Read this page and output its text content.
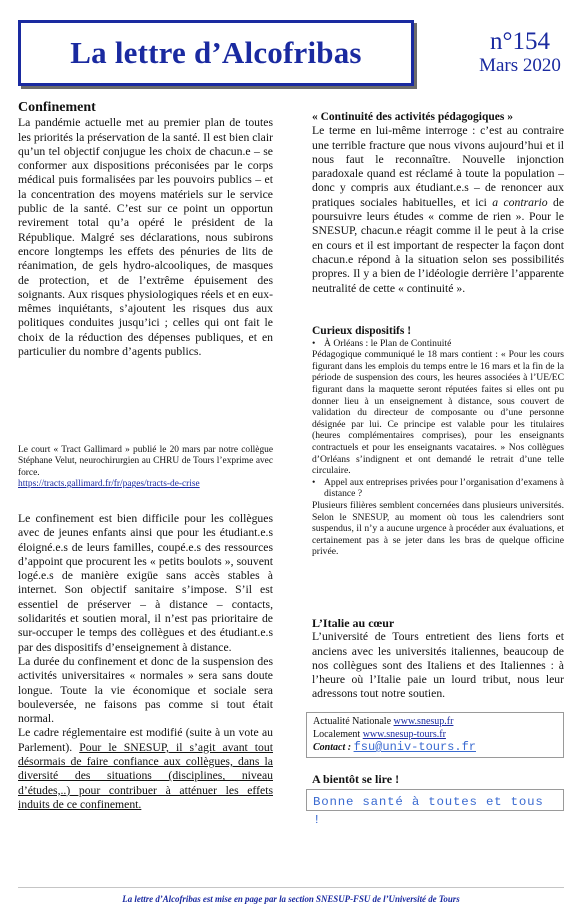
La lettre d’Alcofribas	n°154
Mars 2020
Confinement

La pandémie actuelle met au premier plan de toutes les priorités la préservation de la santé. Il est bien clair qu’un tel objectif conjugue les choix de chacun.e – se conformer aux dispositions préconisées par le corps médical puis formalisées par les pouvoirs publics – et la concentration des moyens matériels sur le service public de la santé. C’est sur ce point un opportun revirement total qu’a opéré le président de la République. Malgré ses déclarations, nous subirons encore longtemps les effets des pénuries de lits de réanimation, de gels hydro-alcooliques, de masques de protection, et de l’extrême épuisement des soignants. Aux risques physiologiques réels et en eux-mêmes inquiétants, s’ajoutent les risques dus aux politiques conduites jusqu’ici ; celles qui ont fait le choix de la réduction des dépenses publiques, et en particulier du nombre d’agents publics.

Le court « Tract Gallimard » publié le 20 mars par notre collègue Stéphane Velut, neurochirurgien au CHRU de Tours l’exprime avec force.

https://tracts.gallimard.fr/fr/pages/tracts-de-crise

Le confinement est bien difficile pour les collègues avec de jeunes enfants ainsi que pour les étudiant.e.s éloigné.e.s de leurs familles, coupé.e.s des ressources d’appoint que procurent les « petits boulots », souvent logé.e.s de manière exigüe sans accès stables à internet. Son objectif sanitaire s’impose. S’il est essentiel de préserver – à distance – contacts, solidarités et soutien moral, il n’est pas prioritaire de sur-occuper le temps des collègues et des étudiant.e.s par des dispositifs d’enseignement à distance.

La durée du confinement et donc de la suspension des activités universitaires « normales » sera sans doute longue. Toute la vie économique et sociale sera bouleversée, ne faisons pas comme si tout était normal.

Le cadre réglementaire est modifié (suite à un vote au Parlement). Pour le SNESUP, il s’agit avant tout désormais de faire confiance aux collègues, dans la diversité des situations (disciplines, niveau d’études,..) pour contribuer à atténuer les effets induits de ce confinement.

« Continuité des activités pédagogiques »

Le terme en lui-même interroge : c’est au contraire une terrible fracture que nous vivons aujourd’hui et il nous faut le reconnaître. Nouvelle injonction paradoxale quand est réclamé à toute la population – donc y compris aux étudiant.e.s – de renoncer aux pratiques sociales habituelles, et ici a contrario de poursuivre leurs études « comme de rien ». Pour le SNESUP, chacun.e réagit comme il le peut à la crise en cours et il est important de respecter la façon dont chacun.e répond à la situation selon ses possibilités propres. Il y a bien de l’idéologie derrière l’apparente neutralité de cette « continuité ».

Curieux dispositifs !
• À Orléans : le Plan de Continuité

Pédagogique communiqué le 18 mars contient : « Pour les cours figurant dans les emplois du temps entre le 16 mars et la fin de la période de suspension des cours, les heures associées à l’UE/EC figurant dans la maquette seront réputées faites si elles ont pu donner lieu à un enseignement à distance, sous couvert de validation du directeur de composante ou d’une personne désignée par lui. Ce principe est valable pour les titulaires (heures complémentaires comprises), pour les enseignants contractuels et pour les enseignants vacataires. » Nos collègues d’Orléans s’indignent et ont demandé le retrait d’une telle circulaire.

• Appel aux entreprises privées pour l’organisation d’examens à distance ?

Plusieurs filières semblent concernées dans plusieurs universités. Selon le SNESUP, au moment où tous les calendriers sont suspendus, il n’y a aucune urgence à procéder aux évaluations, et certainement pas à se jeter dans les bras de quelque officine privée.

L’Italie au cœur

L’université de Tours entretient des liens forts et anciens avec les universités italiennes, beaucoup de nos collègues sont des Italiens et des Italiennes : à l’heure où l’Italie paie un lourd tribut, nous leur adressons tout notre soutien.

Actualité Nationale www.snesup.fr
Localement www.snesup-tours.fr
Contact : fsu@univ-tours.fr
A bientôt se lire !
Bonne santé à toutes et tous !
La lettre d’Alcofribas est mise en page par la section SNESUP-FSU de l’Université de Tours
